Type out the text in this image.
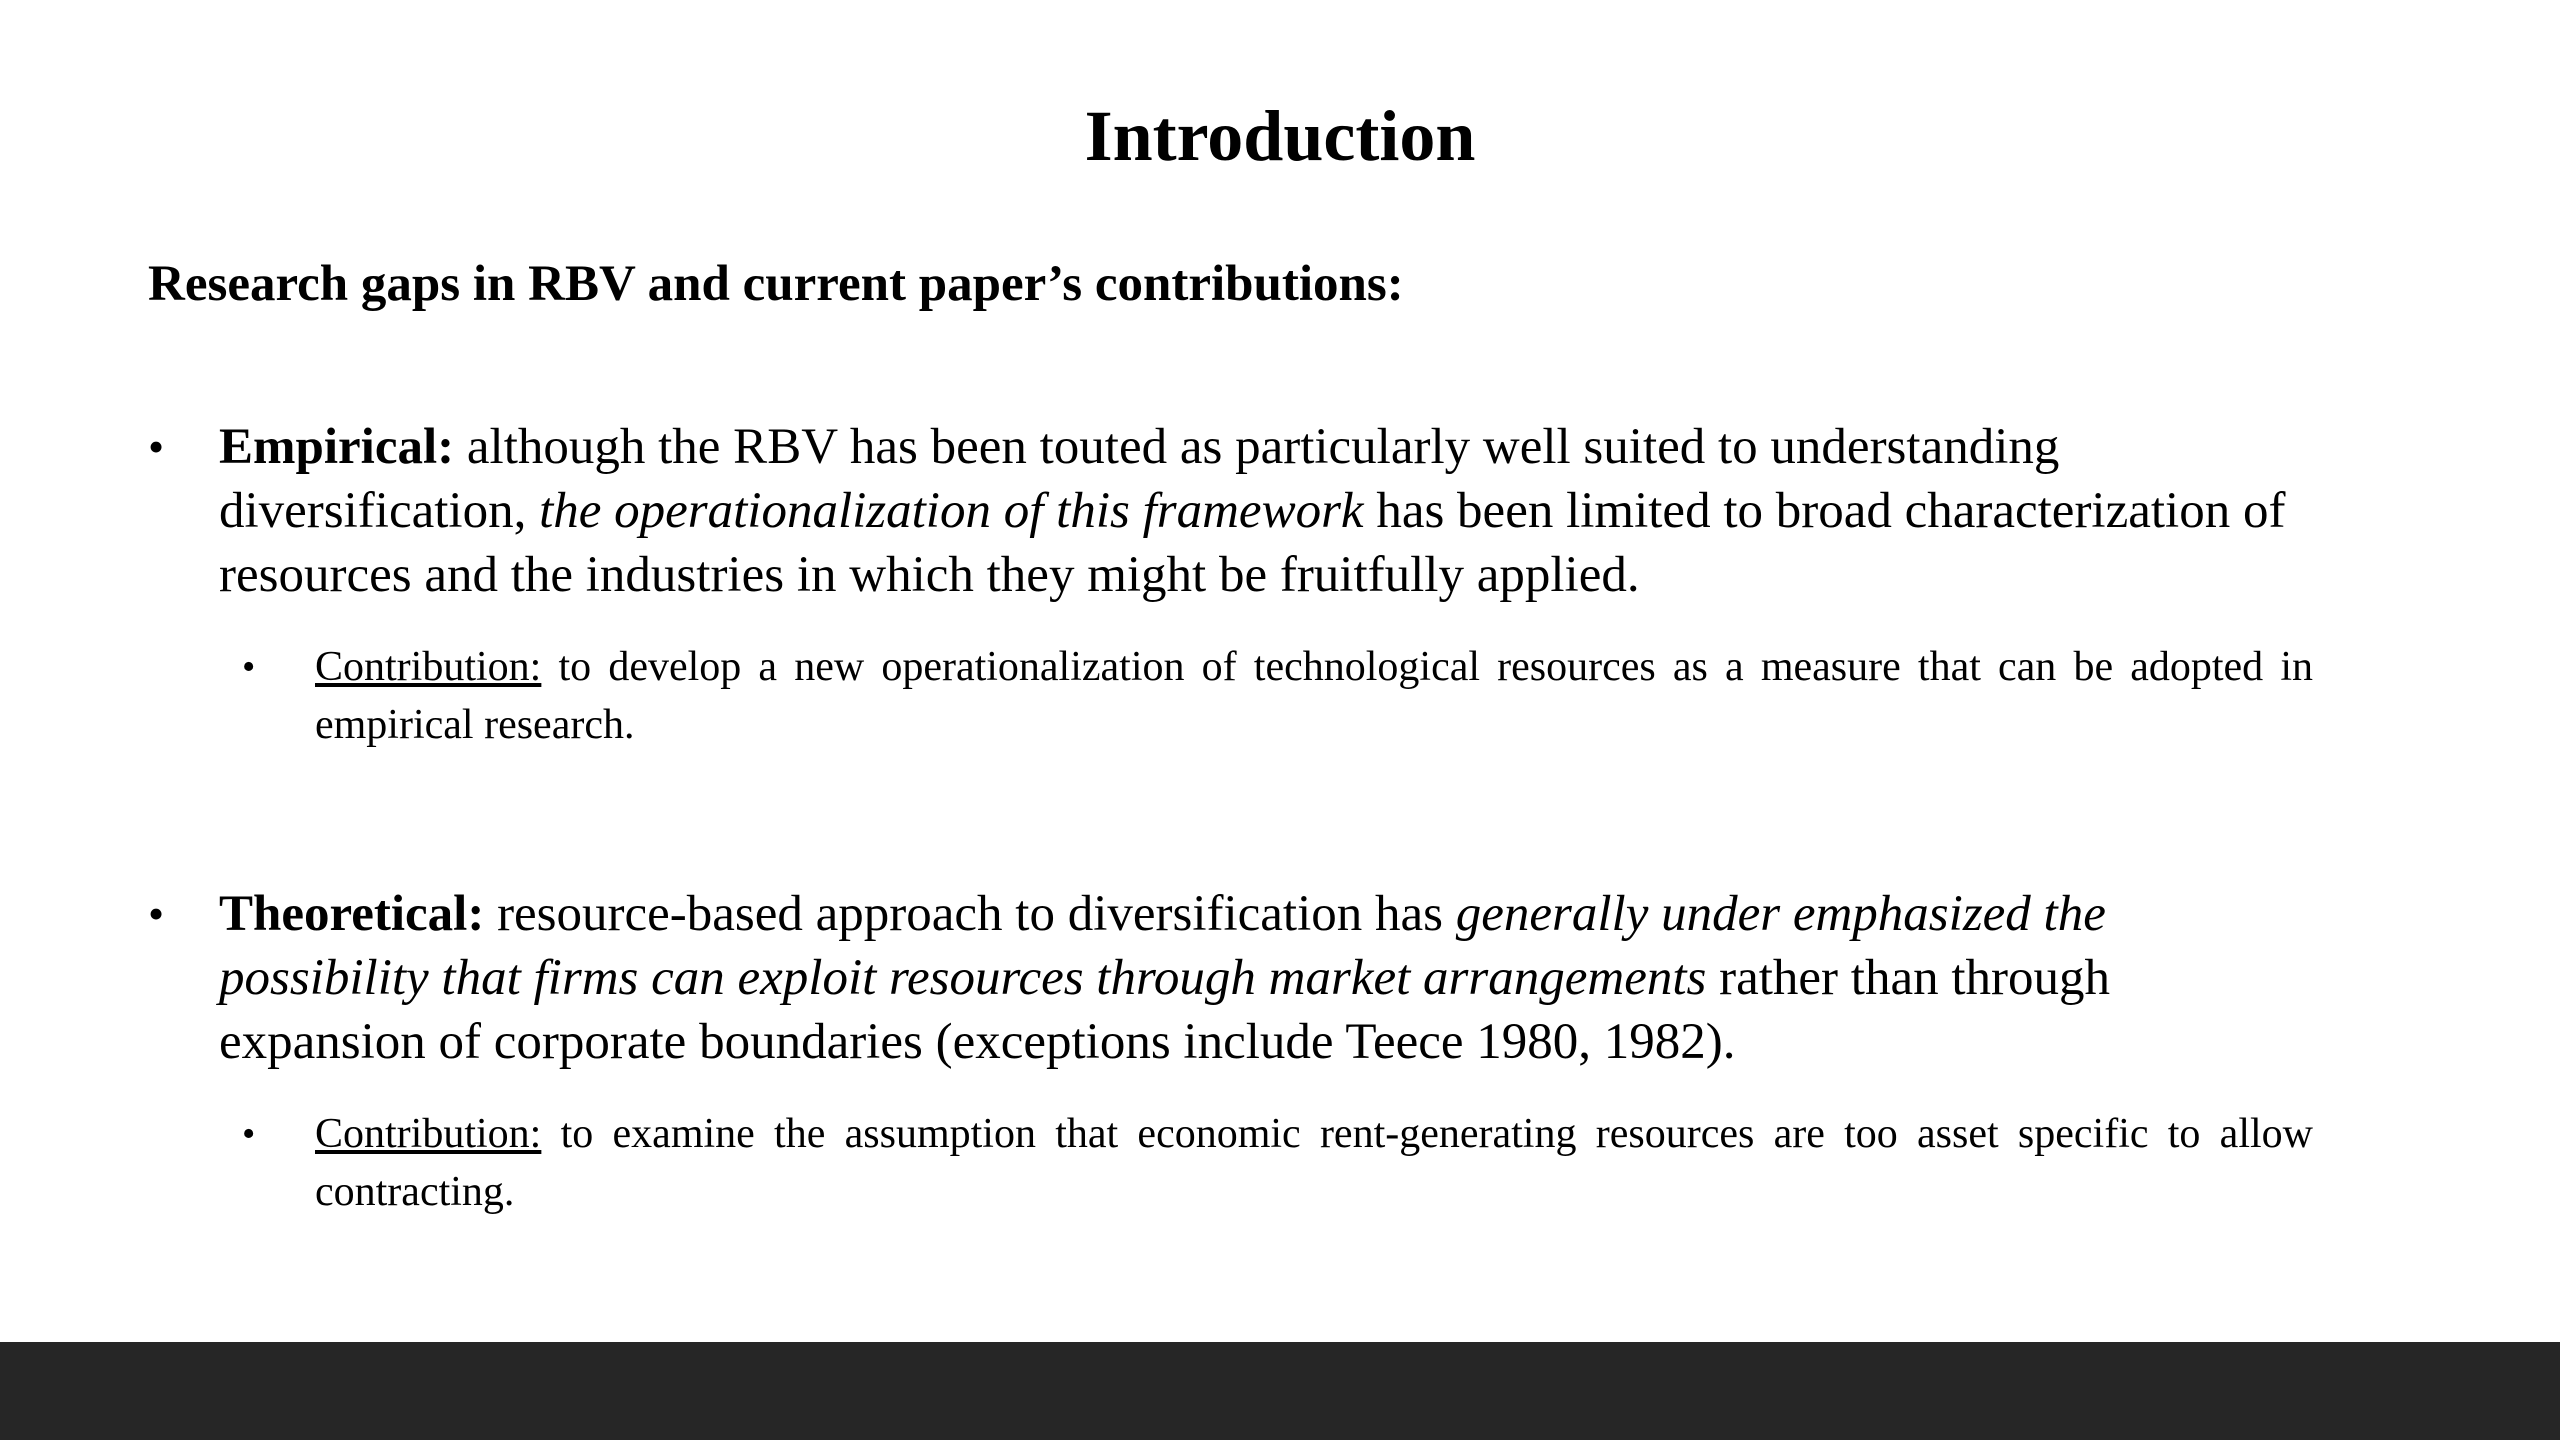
Introduction
Research gaps in RBV and current paper’s contributions:
• Empirical: although the RBV has been touted as particularly well suited to understanding diversification, the operationalization of this framework has been limited to broad characterization of resources and the industries in which they might be fruitfully applied.
• Contribution: to develop a new operationalization of technological resources as a measure that can be adopted in empirical research.
• Theoretical: resource-based approach to diversification has generally under emphasized the possibility that firms can exploit resources through market arrangements rather than through expansion of corporate boundaries (exceptions include Teece 1980, 1982).
• Contribution: to examine the assumption that economic rent-generating resources are too asset specific to allow contracting.
